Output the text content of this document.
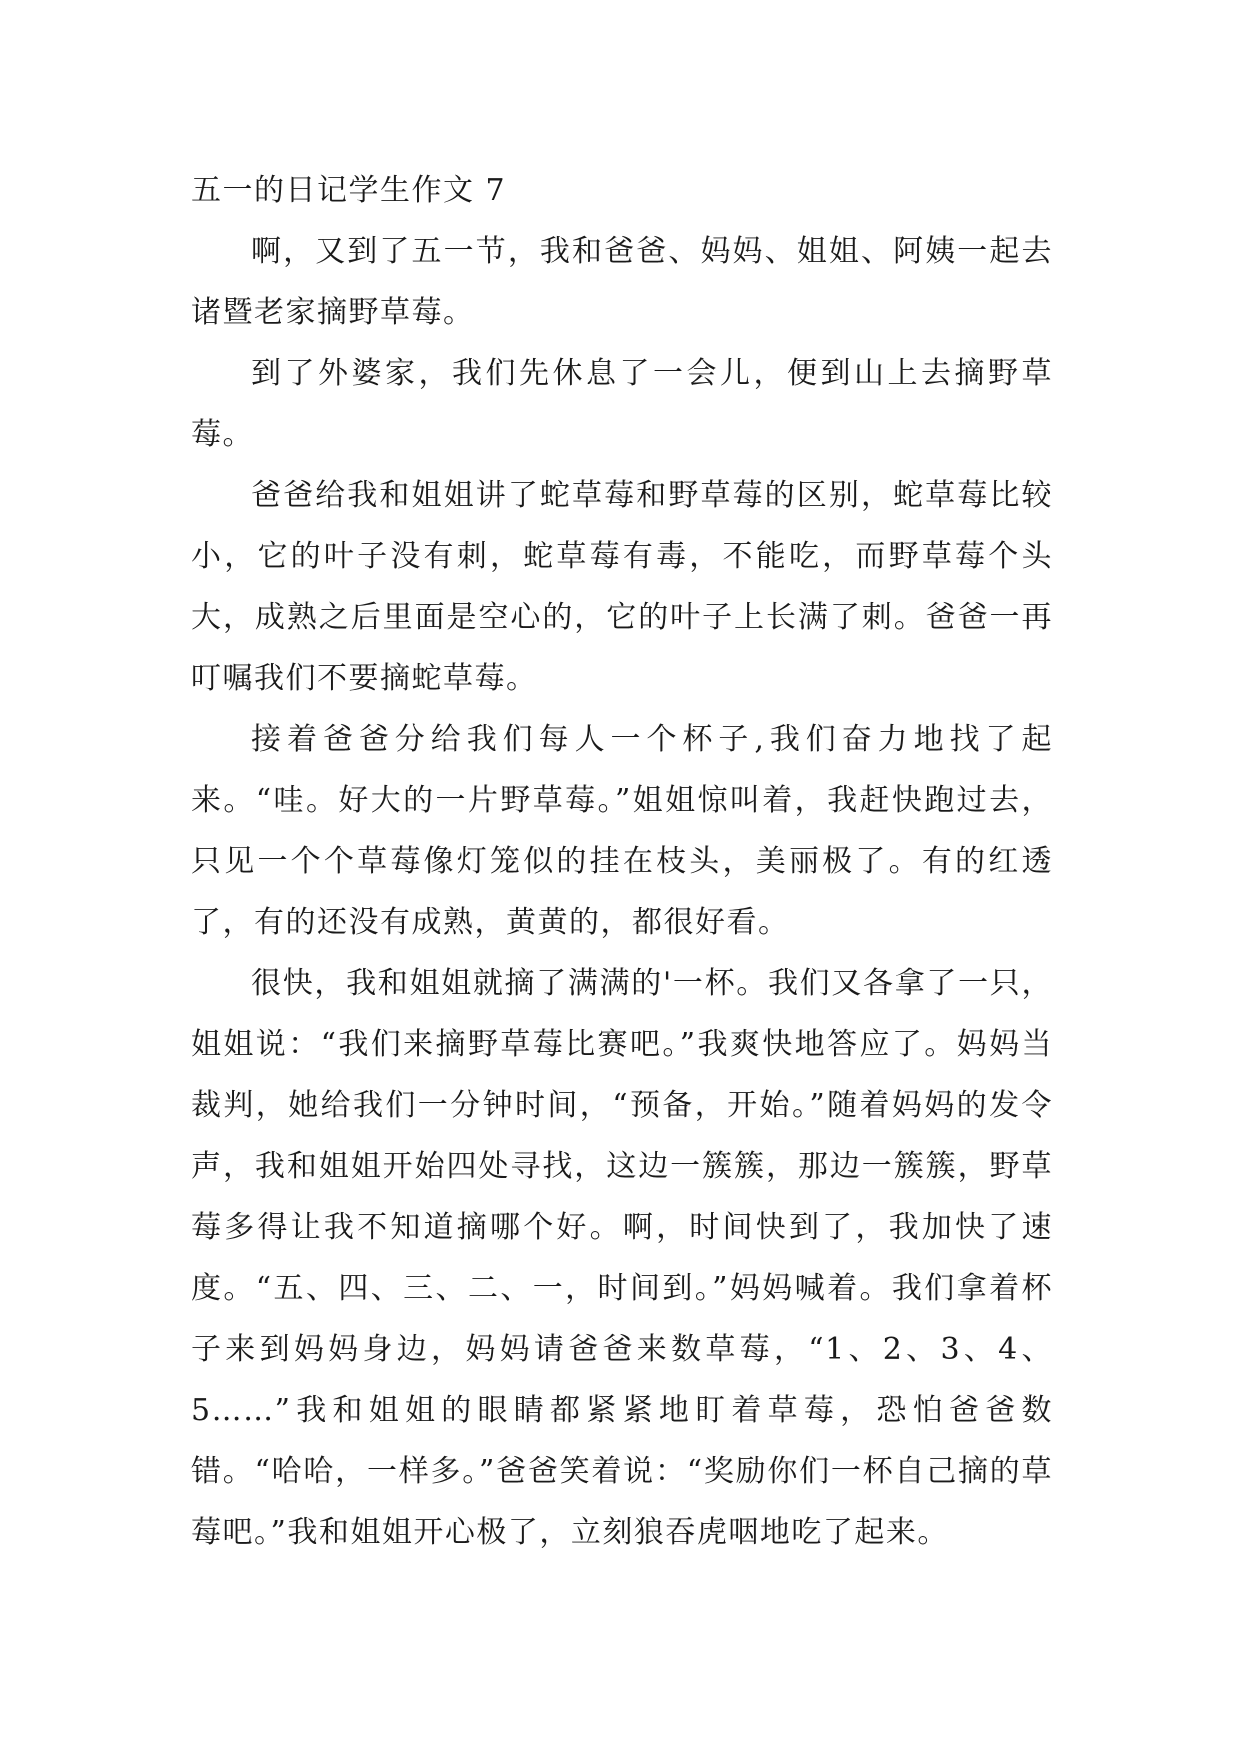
五一的日记学生作文 7

啊，又到了五一节，我和爸爸、妈妈、姐姐、阿姨一起去诸暨老家摘野草莓。

到了外婆家，我们先休息了一会儿，便到山上去摘野草莓。

爸爸给我和姐姐讲了蛇草莓和野草莓的区别，蛇草莓比较小，它的叶子没有刺，蛇草莓有毒，不能吃，而野草莓个头大，成熟之后里面是空心的，它的叶子上长满了刺。爸爸一再叮嘱我们不要摘蛇草莓。

接着爸爸分给我们每人一个杯子,我们奋力地找了起来。“哇。好大的一片野草莓。”姐姐惊叫着，我赶快跑过去，只见一个个草莓像灯笼似的挂在枝头，美丽极了。有的红透了，有的还没有成熟，黄黄的，都很好看。

很快，我和姐姐就摘了满满的'一杯。我们又各拿了一只，姐姐说：“我们来摘野草莓比赛吧。”我爽快地答应了。妈妈当裁判，她给我们一分钟时间，“预备，开始。”随着妈妈的发令声，我和姐姐开始四处寻找，这边一簇簇，那边一簇簇，野草莓多得让我不知道摘哪个好。啊，时间快到了，我加快了速度。“五、四、三、二、一，时间到。”妈妈喊着。我们拿着杯子来到妈妈身边，妈妈请爸爸来数草莓，“1、2、3、4、5……”我和姐姐的眼睛都紧紧地盯着草莓，恐怕爸爸数错。“哈哈，一样多。”爸爸笑着说：“奖励你们一杯自己摘的草莓吧。”我和姐姐开心极了，立刻狼吞虎咽地吃了起来。
